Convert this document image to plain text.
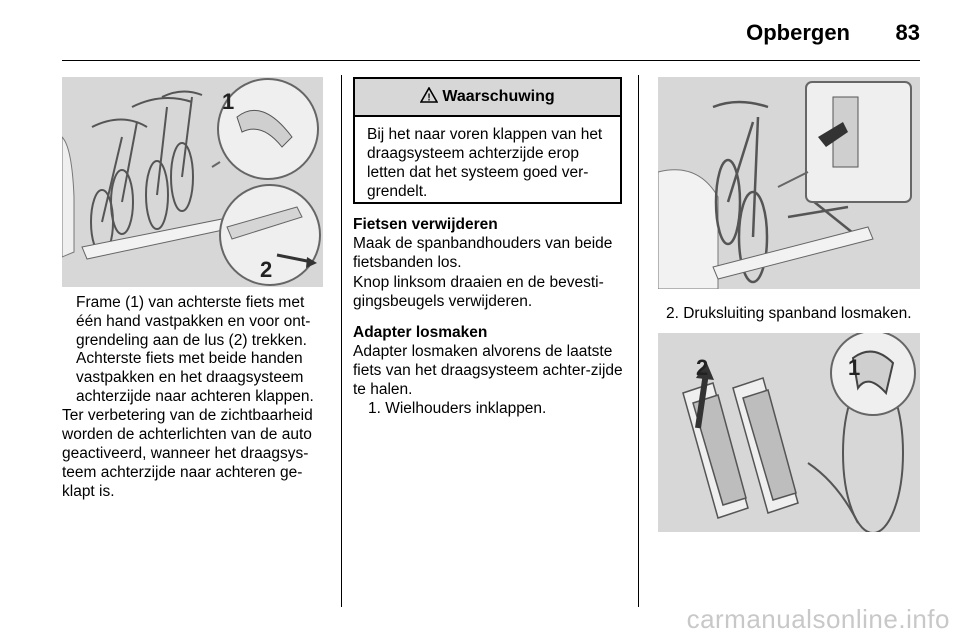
Opbergen	83
1
2

Frame (1) van achterste fiets met één hand vastpakken en voor ont-grendeling aan de lus (2) trekken.

Achterste fiets met beide handen vastpakken en het draagsysteem achterzijde naar achteren klappen.

Ter verbetering van de zichtbaarheid worden de achterlichten van de auto geactiveerd, wanneer het draagsys-teem achterzijde naar achteren ge-klapt is.

! Waarschuwing
Bij het naar voren klappen van het draagsysteem achterzijde erop letten dat het systeem goed ver-grendelt.

Fietsen verwijderen

Maak de spanbandhouders van beide fietsbanden los.

Knop linksom draaien en de bevesti-gingsbeugels verwijderen.

Adapter losmaken

Adapter losmaken alvorens de laatste fiets van het draagsysteem achter-zijde te halen.

1. Wielhouders inklappen.

2. Druksluiting spanband losmaken.

1
2
carmanualsonline.info
